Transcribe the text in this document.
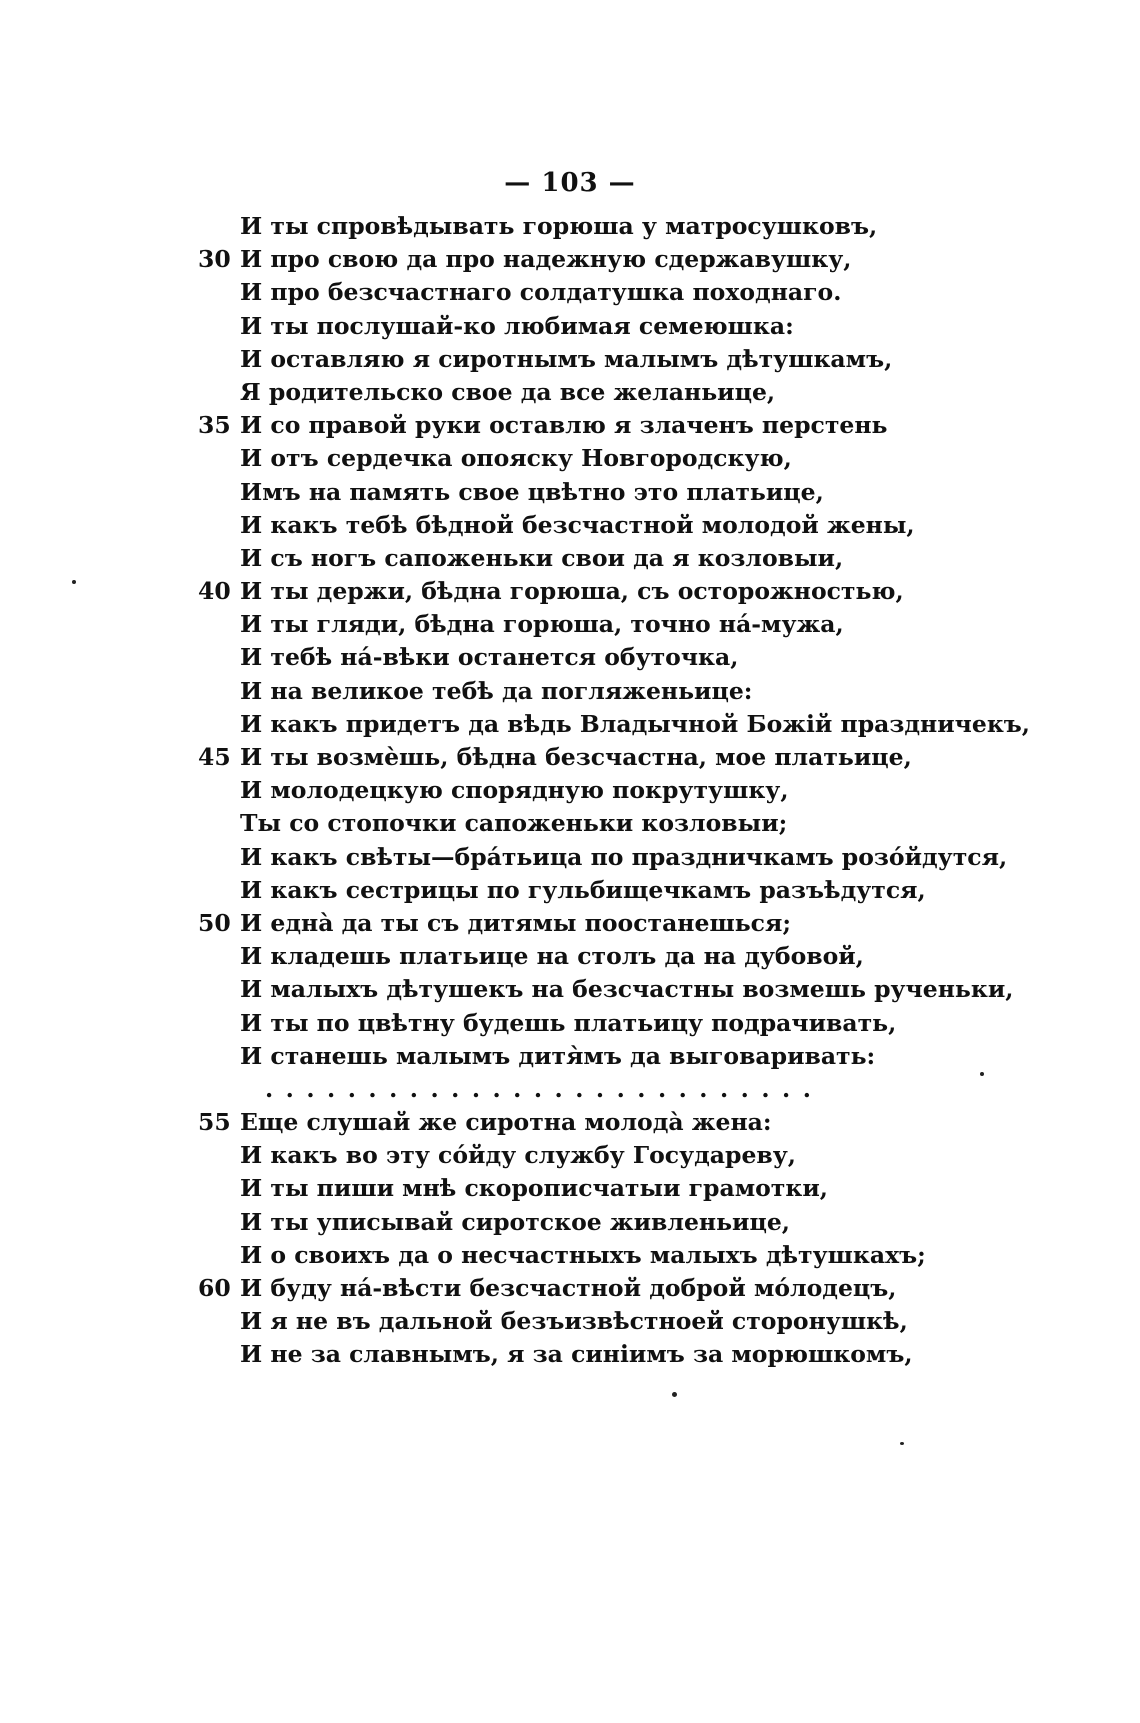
— 103 —
И ты спровѣдывать горюша у матросушковъ,
30 И про свою да про надежную сдержавушку,
И про безсчастнаго солдатушка походнаго.
И ты послушай-ко любимая семеюшка:
И оставляю я сиротнымъ малымъ дѣтушкамъ,
Я родительско свое да все желаньице,
35 И со правой руки оставлю я злаченъ перстень
И отъ сердечка опояску Новгородскую,
Имъ на память свое цвѣтно это платьице,
И какъ тебѣ бѣдной безсчастной молодой жены,
И съ ногъ сапоженьки свои да я козловыи,
40 И ты держи, бѣдна горюша, съ осторожностью,
И ты гляди, бѣдна горюша, точно на́-мужа,
И тебѣ на́-вѣки останется обуточка,
И на великое тебѣ да погляженьице:
И какъ придетъ да вѣдь Владычной Божій праздничекъ,
45 И ты возмѐшь, бѣдна безсчастна, мое платьице,
И молодецкую спорядную покрутушку,
Ты со стопочки сапоженьки козловыи;
И какъ свѣты—бра́тьица по праздничкамъ розо́йдутся,
И какъ сестрицы по гульбищечкамъ разъѣдутся,
50 И една̀ да ты съ дитямы поостанешься;
И кладешь платьице на столъ да на дубовой,
И малыхъ дѣтушекъ на безсчастны возмешь рученьки,
И ты по цвѣтну будешь платьицу подрачивать,
И станешь малымъ дитя̀мъ да выговаривать:
...........................
55 Еще слушай же сиротна молода̀ жена:
И какъ во эту со́йду службу Государеву,
И ты пиши мнѣ скорописчатыи грамотки,
И ты уписывай сиротское живленьице,
И о своихъ да о несчастныхъ малыхъ дѣтушкахъ;
60 И буду на́-вѣсти безсчастной доброй мо́лодецъ,
И я не въ дальной безъизвѣстноей сторонушкѣ,
И не за славнымъ, я за синіимъ за морюшкомъ,
